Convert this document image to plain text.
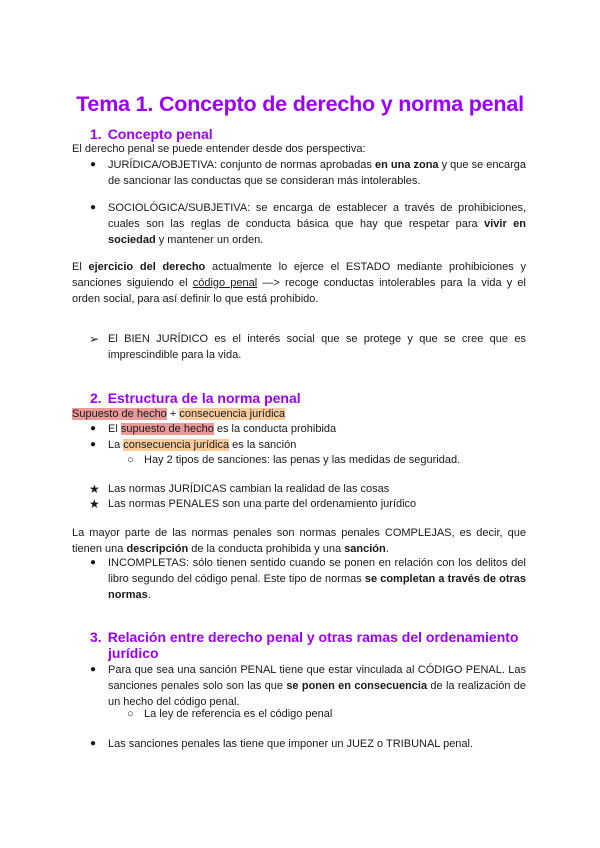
Tema 1. Concepto de derecho y norma penal
1. Concepto penal

El derecho penal se puede entender desde dos perspectiva:

● JURÍDICA/OBJETIVA: conjunto de normas aprobadas en una zona y que se encarga de sancionar las conductas que se consideran más intolerables.

● SOCIOLÓGICA/SUBJETIVA: se encarga de establecer a través de prohibiciones, cuales son las reglas de conducta básica que hay que respetar para vivir en sociedad y mantener un orden.

El ejercicio del derecho actualmente lo ejerce el ESTADO mediante prohibiciones y sanciones siguiendo el código penal —> recoge conductas intolerables para la vida y el orden social, para así definir lo que está prohibido.

➢ El BIEN JURÍDICO es el interés social que se protege y que se cree que es imprescindible para la vida.

2. Estructura de la norma penal

Supuesto de hecho + consecuencia jurídica

● El supuesto de hecho es la conducta prohibida

● La consecuencia jurídica es la sanción

○ Hay 2 tipos de sanciones: las penas y las medidas de seguridad.

★ Las normas JURÍDICAS cambian la realidad de las cosas

★ Las normas PENALES son una parte del ordenamiento jurídico

La mayor parte de las normas penales son normas penales COMPLEJAS, es decir, que tienen una descripción de la conducta prohibida y una sanción.

● INCOMPLETAS: sólo tienen sentido cuando se ponen en relación con los delitos del libro segundo del código penal. Este tipo de normas se completan a través de otras normas.

3. Relación entre derecho penal y otras ramas del ordenamiento
jurídico
● Para que sea una sanción PENAL tiene que estar vinculada al CÓDIGO PENAL. Las sanciones penales solo son las que se ponen en consecuencia de la realización de un hecho del código penal.

○ La ley de referencia es el código penal

● Las sanciones penales las tiene que imponer un JUEZ o TRIBUNAL penal.
